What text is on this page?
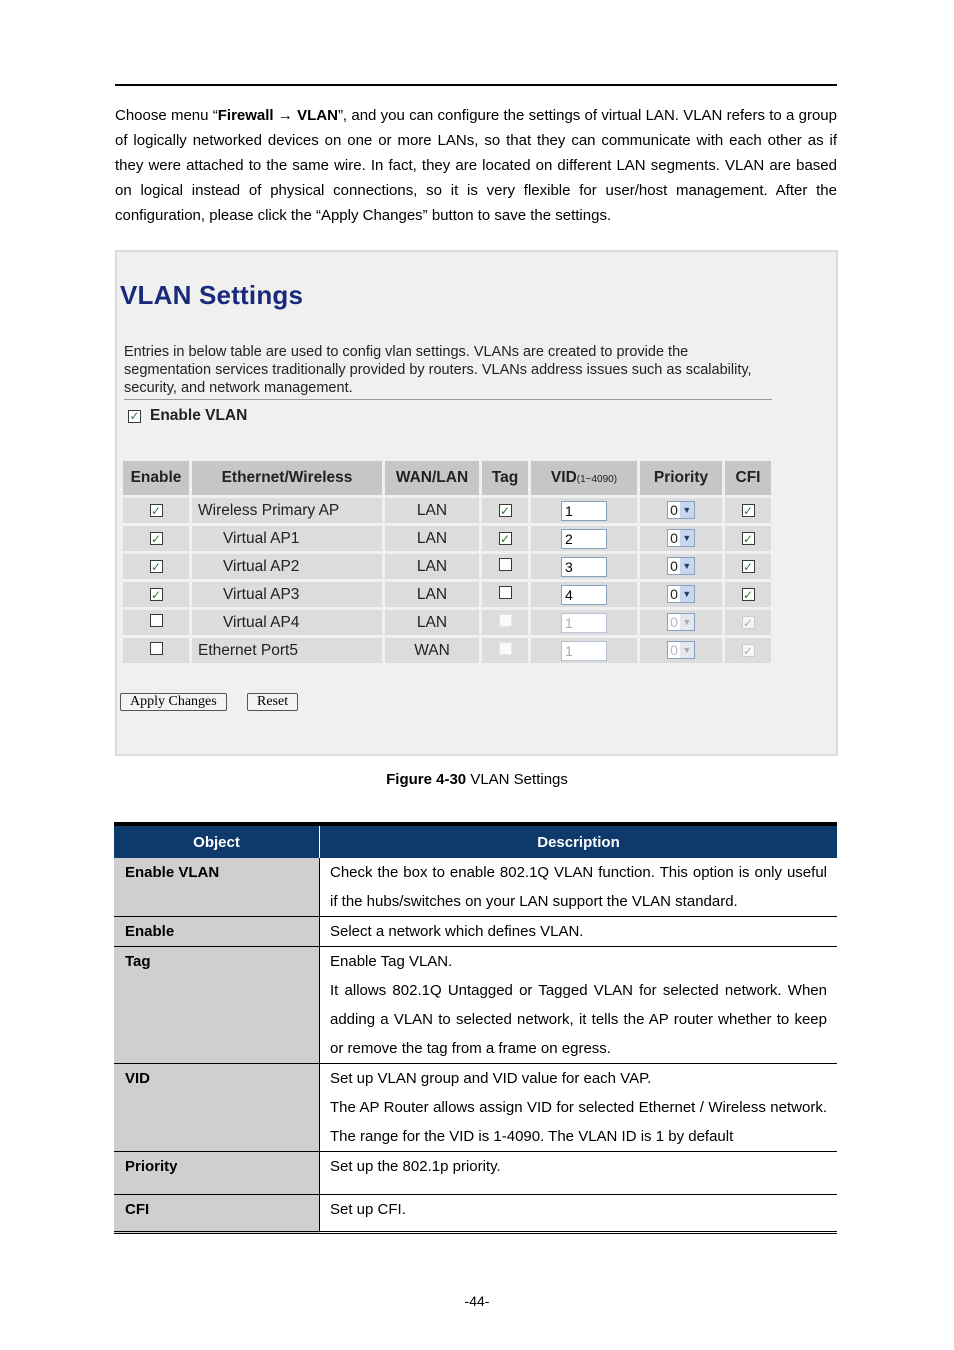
Choose menu “Firewall → VLAN”, and you can configure the settings of virtual LAN. VLAN refers to a group of logically networked devices on one or more LANs, so that they can communicate with each other as if they were attached to the same wire. In fact, they are located on different LAN segments. VLAN are based on logical instead of physical connections, so it is very flexible for user/host management. After the configuration, please click the “Apply Changes” button to save the settings.

VLAN Settings
Entries in below table are used to config vlan settings. VLANs are created to provide the segmentation services traditionally provided by routers. VLANs address issues such as scalability, security, and network management.
✓ Enable VLAN
Enable	Ethernet/Wireless	WAN/LAN	Tag	VID(1~4090)	Priority	CFI
✓	Wireless Primary AP	LAN	✓	1	0 ▼	✓
✓	Virtual AP1	LAN	✓	2	0 ▼	✓
✓	Virtual AP2	LAN		3	0 ▼	✓
✓	Virtual AP3	LAN		4	0 ▼	✓
	Virtual AP4	LAN		1	0 ▼	✓
	Ethernet Port5	WAN		1	0 ▼	✓
Apply Changes	Reset
Figure 4-30 VLAN Settings
Object	Description
Enable VLAN	Check the box to enable 802.1Q VLAN function. This option is only useful if the hubs/switches on your LAN support the VLAN standard.

Enable	Select a network which defines VLAN.

Tag	Enable Tag VLAN.
It allows 802.1Q Untagged or Tagged VLAN for selected network. When adding a VLAN to selected network, it tells the AP router whether to keep or remove the tag from a frame on egress.

VID	Set up VLAN group and VID value for each VAP.
The AP Router allows assign VID for selected Ethernet / Wireless network. The range for the VID is 1-4090. The VLAN ID is 1 by default

Priority	Set up the 802.1p priority.

CFI	Set up CFI.
-44-
